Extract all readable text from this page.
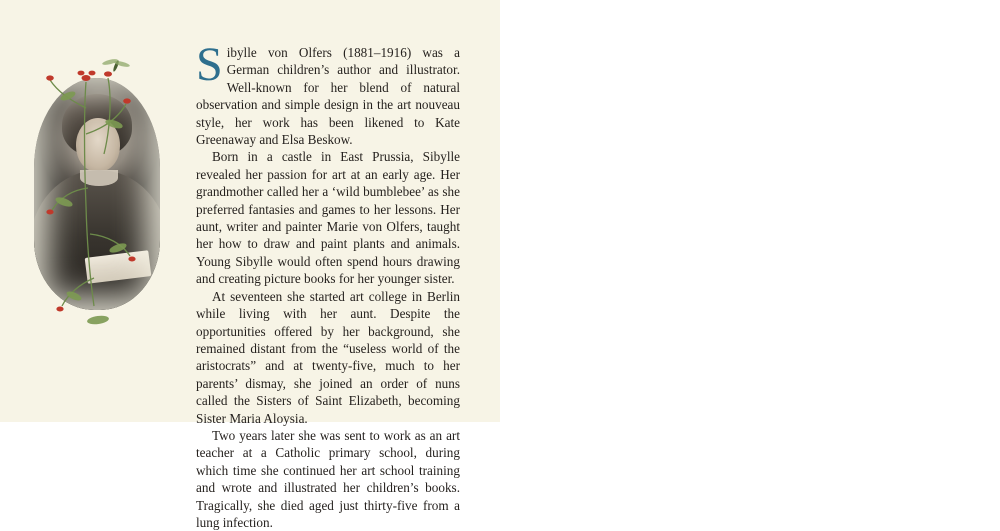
Sibylle von Olfers (1881–1916) was a German children’s author and illustrator. Well-known for her blend of natural observation and simple design in the art nouveau style, her work has been likened to Kate Greenaway and Elsa Beskow.

Born in a castle in East Prussia, Sibylle revealed her passion for art at an early age. Her grandmother called her a ‘wild bumblebee’ as she preferred fantasies and games to her lessons. Her aunt, writer and painter Marie von Olfers, taught her how to draw and paint plants and animals. Young Sibylle would often spend hours drawing and creating picture books for her younger sister.

At seventeen she started art college in Berlin while living with her aunt. Despite the opportunities offered by her background, she remained distant from the “useless world of the aristocrats” and at twenty-five, much to her parents’ dismay, she joined an order of nuns called the Sisters of Saint Elizabeth, becoming Sister Maria Aloysia.

Two years later she was sent to work as an art teacher at a Catholic primary school, during which time she continued her art school training and wrote and illustrated her children’s books. Tragically, she died aged just thirty-five from a lung infection.
